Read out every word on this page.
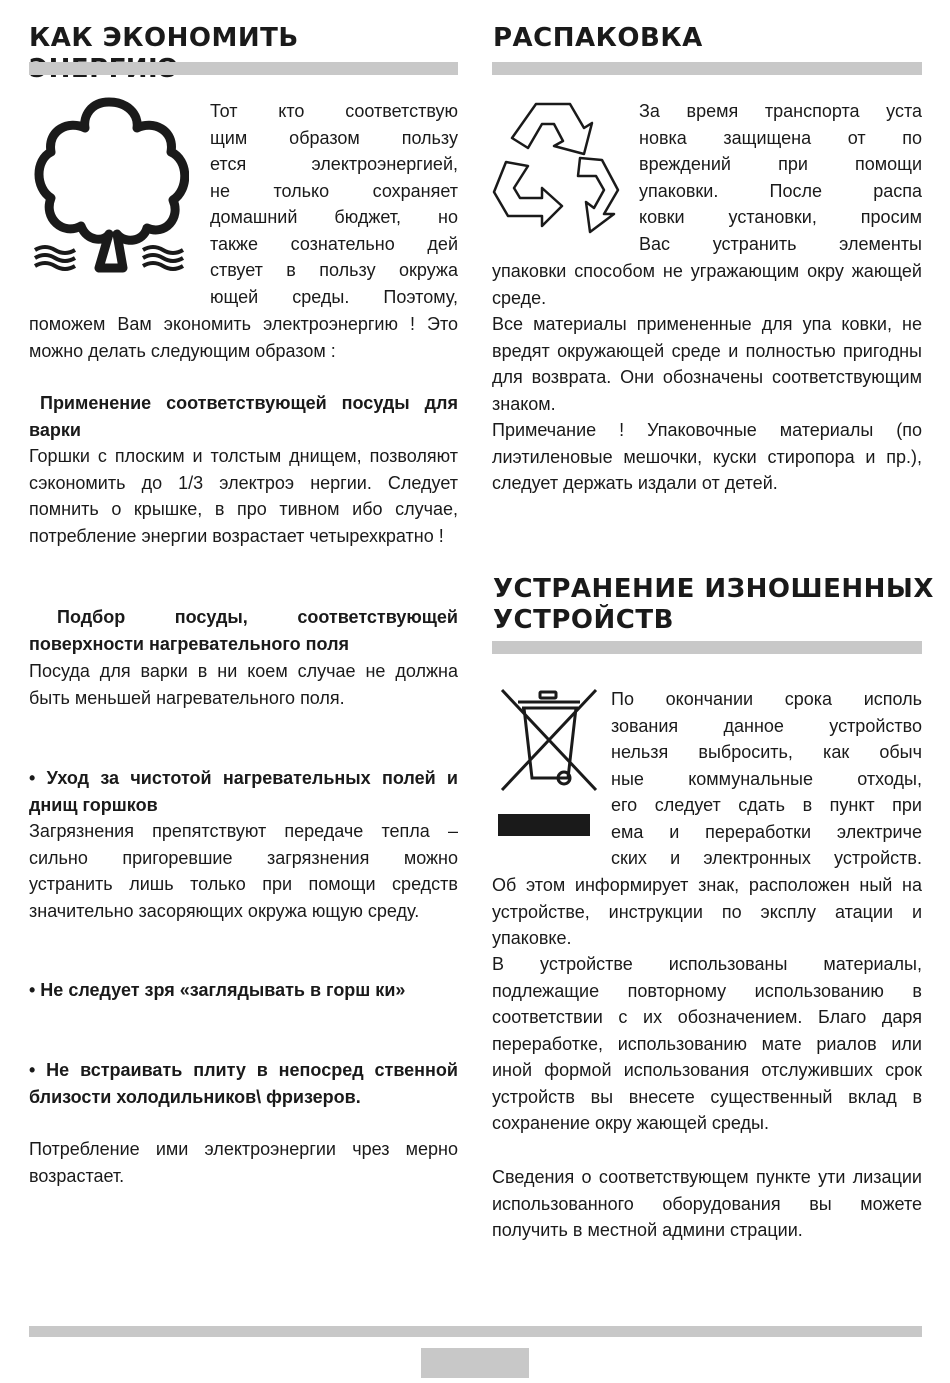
КАК ЭКОНОМИТЬ
Тот кто соответствую
щим образом пользу
ется электроэнергией,
не только сохраняет
домашний бюджет, но
также сознательно дей
ствует в пользу окружа
ющей среды. Поэтому,

поможем Вам экономить электроэнергию ! Это можно делать следующим образом :

Применение соответствующей посуды для варки

Горшки с плоским и толстым днищем, позволяют сэкономить до 1/3 электроэ нергии. Следует помнить о крышке, в про тивном ибо случае, потребление энергии возрастает четырехкратно !

Подбор посуды, соответствующей поверхности нагревательного поля

Посуда для варки в ни коем случае не должна быть меньшей нагревательного поля.

• Уход за чистотой нагревательных полей и днищ горшков

Загрязнения препятствуют передаче тепла – сильно пригоревшие загрязнения можно устранить лишь только при помощи средств значительно засоряющих окружа ющую среду.

• Не следует зря «заглядывать в горш ки»

• Не встраивать плиту в непосред ственной близости холодильников\ фризеров.

Потребление ими электроэнергии чрез мерно возрастает.

РАСПАКОВКА
За время транспорта уста
новка защищена от по
вреждений при помощи
упаковки. После распа
ковки установки, просим
Вас устранить элементы

упаковки способом не угражающим окру жающей среде.

Все материалы примененные для упа ковки, не вредят окружающей среде и полностью пригодны для возврата. Они обозначены соответствующим знаком.

Примечание ! Упаковочные материалы (по лиэтиленовые мешочки, куски стиропора и пр.), следует держать издали от детей.

УСТРАНЕНИЕ ИЗНОШЕННЫХ
УСТРОЙСТВ
По окончании срока исполь
зования данное устройство
нельзя выбросить, как обыч
ные коммунальные отходы,
его следует сдать в пункт при
ема и переработки электриче
ских и электронных устройств.

Об этом информирует знак, расположен ный на устройстве, инструкции по эксплу атации и упаковке.

В устройстве использованы материалы, подлежащие повторному использованию в соответствии с их обозначением. Благо даря переработке, использованию мате риалов или иной формой использования отслуживших срок устройств вы внесете существенный вклад в сохранение окру жающей среды.

Сведения о соответствующем пункте ути лизации использованного оборудования вы можете получить в местной админи страции.
